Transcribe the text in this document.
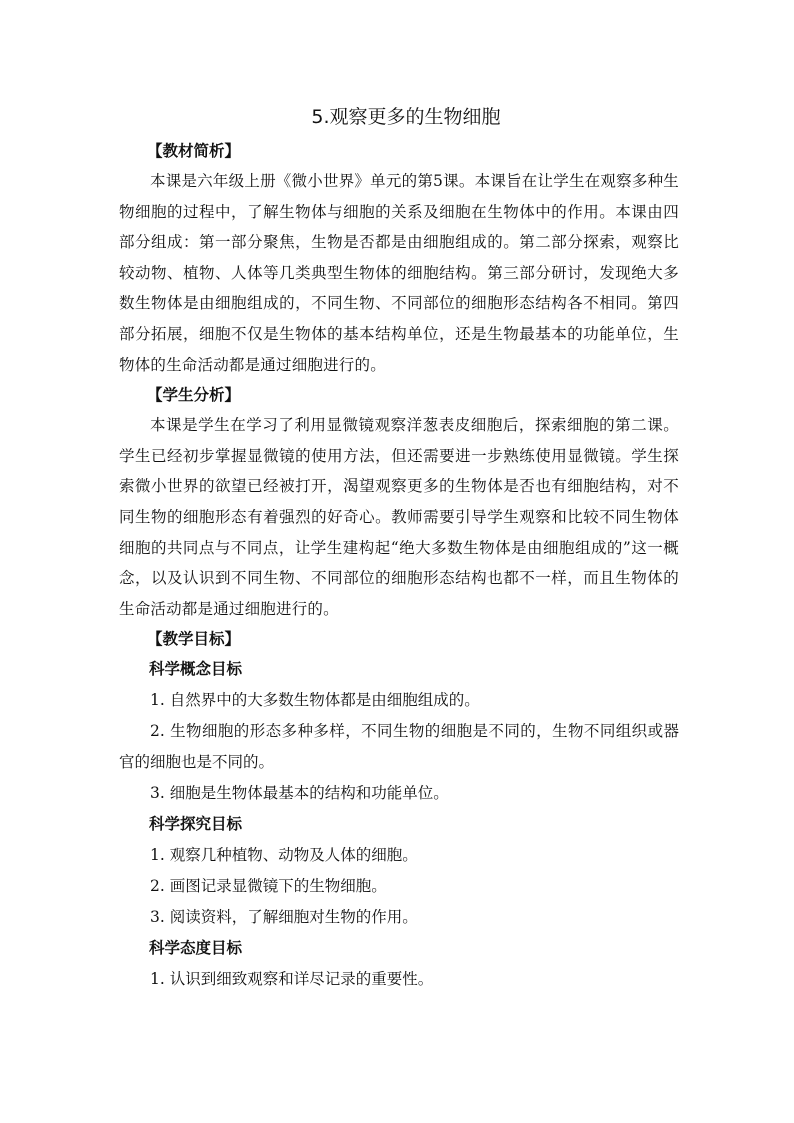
5.观察更多的生物细胞
【教材简析】

本课是六年级上册《微小世界》单元的第5课。本课旨在让学生在观察多种生物细胞的过程中，了解生物体与细胞的关系及细胞在生物体中的作用。本课由四部分组成：第一部分聚焦，生物是否都是由细胞组成的。第二部分探索，观察比较动物、植物、人体等几类典型生物体的细胞结构。第三部分研讨，发现绝大多数生物体是由细胞组成的，不同生物、不同部位的细胞形态结构各不相同。第四部分拓展，细胞不仅是生物体的基本结构单位，还是生物最基本的功能单位，生物体的生命活动都是通过细胞进行的。

【学生分析】

本课是学生在学习了利用显微镜观察洋葱表皮细胞后，探索细胞的第二课。学生已经初步掌握显微镜的使用方法，但还需要进一步熟练使用显微镜。学生探索微小世界的欲望已经被打开，渴望观察更多的生物体是否也有细胞结构，对不同生物的细胞形态有着强烈的好奇心。教师需要引导学生观察和比较不同生物体细胞的共同点与不同点，让学生建构起“绝大多数生物体是由细胞组成的”这一概念，以及认识到不同生物、不同部位的细胞形态结构也都不一样，而且生物体的生命活动都是通过细胞进行的。

【教学目标】
科学概念目标

1. 自然界中的大多数生物体都是由细胞组成的。

2. 生物细胞的形态多种多样，不同生物的细胞是不同的，生物不同组织或器官的细胞也是不同的。

3. 细胞是生物体最基本的结构和功能单位。

科学探究目标

1. 观察几种植物、动物及人体的细胞。

2. 画图记录显微镜下的生物细胞。

3. 阅读资料，了解细胞对生物的作用。

科学态度目标

1. 认识到细致观察和详尽记录的重要性。
